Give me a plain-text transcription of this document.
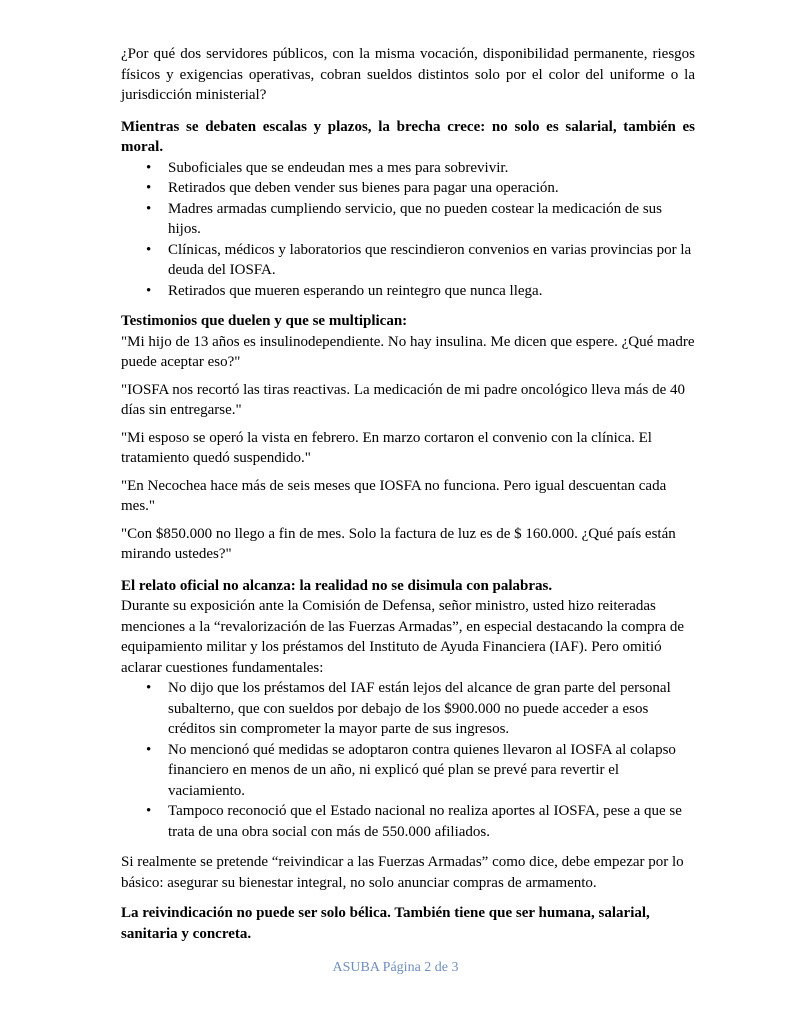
¿Por qué dos servidores públicos, con la misma vocación, disponibilidad permanente, riesgos físicos y exigencias operativas, cobran sueldos distintos solo por el color del uniforme o la jurisdicción ministerial?

Mientras se debaten escalas y plazos, la brecha crece: no solo es salarial, también es moral.

• Suboficiales que se endeudan mes a mes para sobrevivir.
• Retirados que deben vender sus bienes para pagar una operación.
• Madres armadas cumpliendo servicio, que no pueden costear la medicación de sus hijos.
• Clínicas, médicos y laboratorios que rescindieron convenios en varias provincias por la deuda del IOSFA.
• Retirados que mueren esperando un reintegro que nunca llega.

Testimonios que duelen y que se multiplican:

"Mi hijo de 13 años es insulinodependiente. No hay insulina. Me dicen que espere. ¿Qué madre puede aceptar eso?"

"IOSFA nos recortó las tiras reactivas. La medicación de mi padre oncológico lleva más de 40 días sin entregarse."

"Mi esposo se operó la vista en febrero. En marzo cortaron el convenio con la clínica. El tratamiento quedó suspendido."

"En Necochea hace más de seis meses que IOSFA no funciona. Pero igual descuentan cada mes."

"Con $850.000 no llego a fin de mes. Solo la factura de luz es de $ 160.000. ¿Qué país están mirando ustedes?"

El relato oficial no alcanza: la realidad no se disimula con palabras.

Durante su exposición ante la Comisión de Defensa, señor ministro, usted hizo reiteradas menciones a la “revalorización de las Fuerzas Armadas”, en especial destacando la compra de equipamiento militar y los préstamos del Instituto de Ayuda Financiera (IAF). Pero omitió aclarar cuestiones fundamentales:

• No dijo que los préstamos del IAF están lejos del alcance de gran parte del personal subalterno, que con sueldos por debajo de los $900.000 no puede acceder a esos créditos sin comprometer la mayor parte de sus ingresos.
• No mencionó qué medidas se adoptaron contra quienes llevaron al IOSFA al colapso financiero en menos de un año, ni explicó qué plan se prevé para revertir el vaciamiento.
• Tampoco reconoció que el Estado nacional no realiza aportes al IOSFA, pese a que se trata de una obra social con más de 550.000 afiliados.

Si realmente se pretende “reivindicar a las Fuerzas Armadas” como dice, debe empezar por lo básico: asegurar su bienestar integral, no solo anunciar compras de armamento.

La reivindicación no puede ser solo bélica. También tiene que ser humana, salarial, sanitaria y concreta.

ASUBA Página 2 de 3
